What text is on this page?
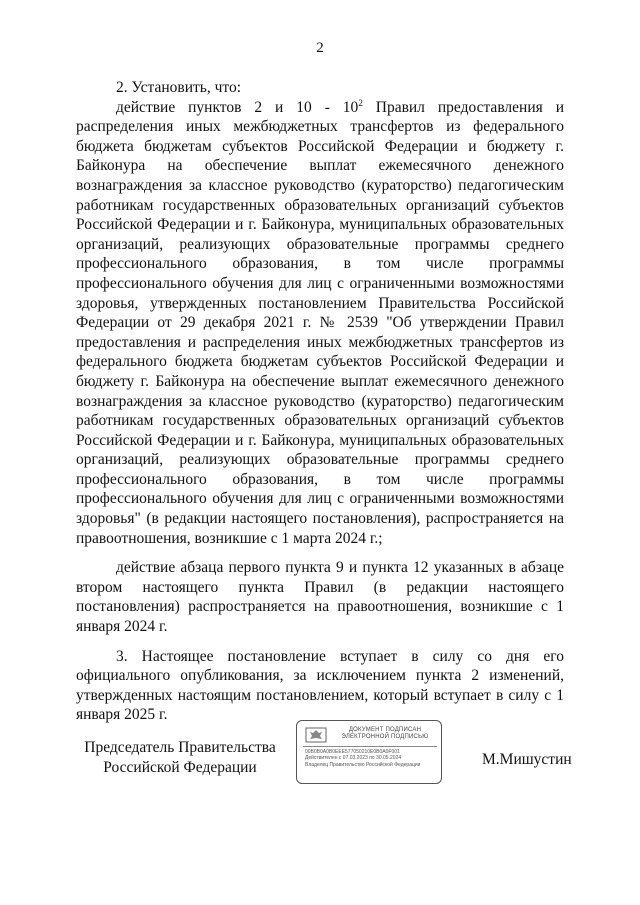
2

2. Установить, что:

действие пунктов 2 и $10 - 10^2$ Правил предоставления и распределения иных межбюджетных трансфертов из федерального бюджета бюджетам субъектов Российской Федерации и бюджету г. Байконура на обеспечение выплат ежемесячного денежного вознаграждения за классное руководство (кураторство) педагогическим работникам государственных образовательных организаций субъектов Российской Федерации и г. Байконура, муниципальных образовательных организаций, реализующих образовательные программы среднего профессионального образования, в том числе программы профессионального обучения для лиц с ограниченными возможностями здоровья, утвержденных постановлением Правительства Российской Федерации от 29 декабря 2021 г. № 2539 "Об утверждении Правил предоставления и распределения иных межбюджетных трансфертов из федерального бюджета бюджетам субъектов Российской Федерации и бюджету г. Байконура на обеспечение выплат ежемесячного денежного вознаграждения за классное руководство (кураторство) педагогическим работникам государственных образовательных организаций субъектов Российской Федерации и г. Байконура, муниципальных образовательных организаций, реализующих образовательные программы среднего профессионального образования, в том числе программы профессионального обучения для лиц с ограниченными возможностями здоровья" (в редакции настоящего постановления), распространяется на правоотношения, возникшие с 1 марта 2024 г.;

действие абзаца первого пункта 9 и пункта 12 указанных в абзаце втором настоящего пункта Правил (в редакции настоящего постановления) распространяется на правоотношения, возникшие с 1 января 2024 г.

3. Настоящее постановление вступает в силу со дня его официального опубликования, за исключением пункта 2 изменений, утвержденных настоящим постановлением, который вступает в силу с 1 января 2025 г.

Председатель Правительства
Российской Федерации
ДОКУМЕНТ ПОДПИСАН
ЭЛЕКТРОННОЙ ПОДПИСЬЮ
00B0B0A0B0EEE577050210E0B0A0F001
Действителен с 07.03.2023 по 30.05.2024
Владелец Правительство Российской Федерации	М.Мишустин
